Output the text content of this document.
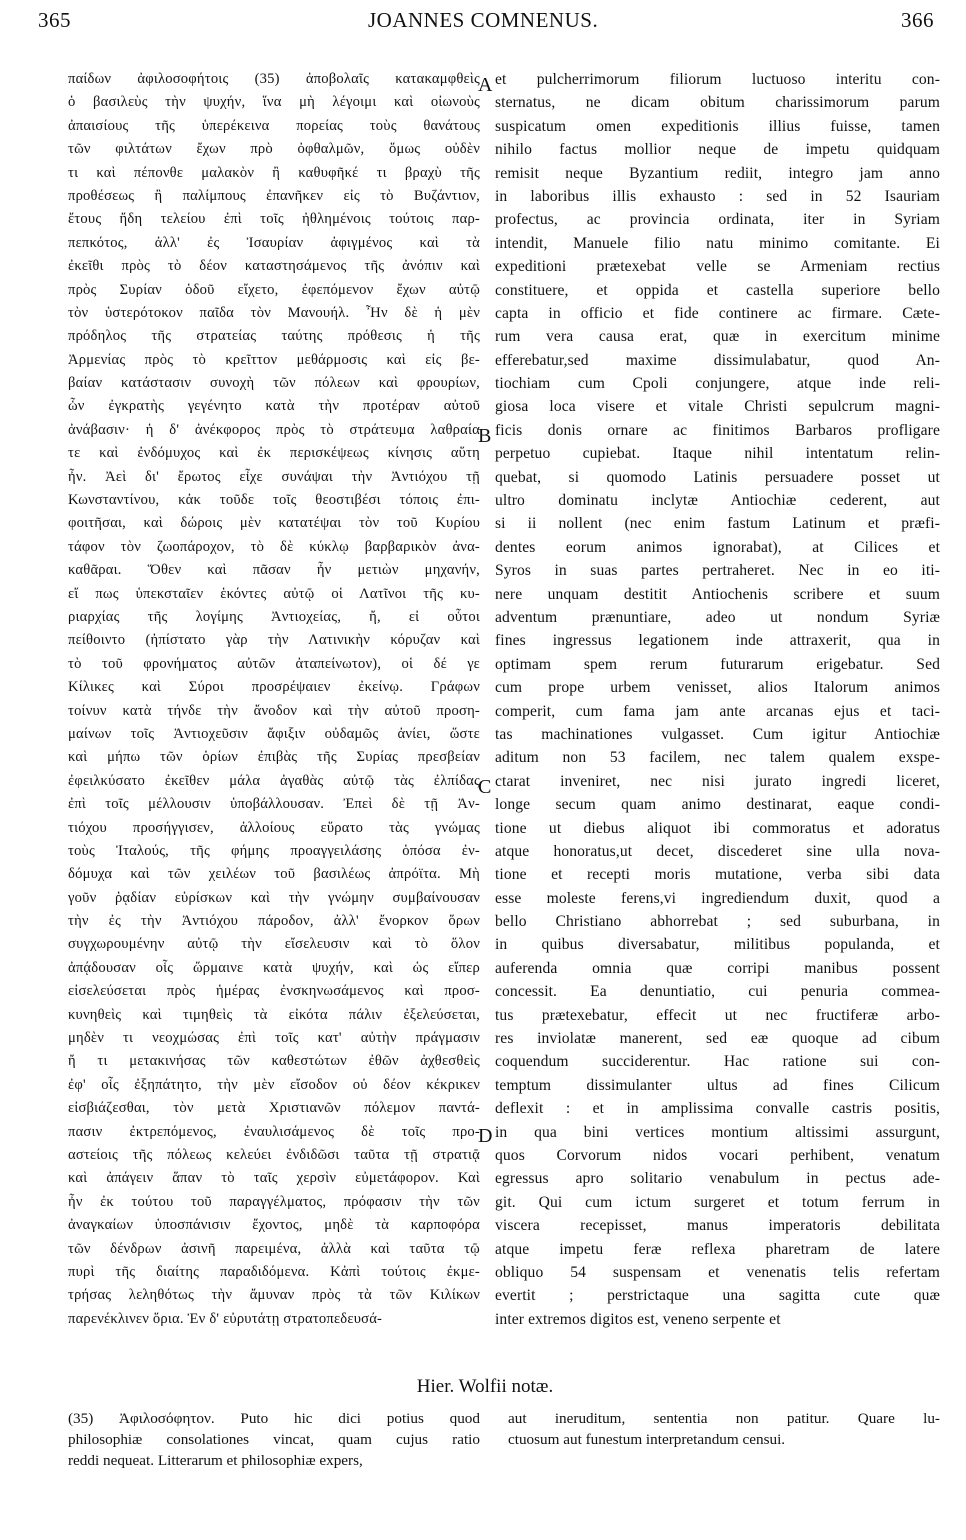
365	JOANNES COMNENUS.	366
παίδων ἀφιλοσοφήτοις (35) ἀποβολαῖς κατακαμφθεὶς
ὁ βασιλεὺς τὴν ψυχήν, ἵνα μὴ λέγοιμι καὶ οἰωνοὺς
ἀπαισίους τῆς ὑπερέκεινα πορείας τοὺς θανάτους
τῶν φιλτάτων ἔχων πρὸ ὀφθαλμῶν, ὅμως οὐδὲν
τι καὶ πέπονθε μαλακὸν ἢ καθυφῆκέ τι βραχὺ τῆς
προθέσεως ἢ παλίμπους ἐπανῆκεν εἰς τὸ Βυζάντιον,
ἔτους ἤδη τελείου ἐπὶ τοῖς ἠθλημένοις τούτοις παρ-
πεπκότος, ἀλλ' ἐς Ἰσαυρίαν ἀφιγμένος καὶ τὰ
ἐκεῖθι πρὸς τὸ δέον καταστησάμενος τῆς ἀνόπιν καὶ
πρὸς Συρίαν ὁδοῦ εἴχετο, ἐφεπόμενον ἔχων αὐτῷ
τὸν ὑστερότοκον παῖδα τὸν Μανουήλ. Ἦν δὲ ἡ μὲν
πρόδηλος τῆς στρατείας ταύτης πρόθεσις ἡ τῆς
Ἀρμενίας πρὸς τὸ κρεῖττον μεθάρμοσις καὶ εἰς βε-
βαίαν κατάστασιν συνοχὴ τῶν πόλεων καὶ φρουρίων,
ὧν ἐγκρατὴς γεγένητο κατὰ τὴν προτέραν αὐτοῦ
ἀνάβασιν· ἡ δ' ἀνέκφορος πρὸς τὸ στράτευμα λαθραία
τε καὶ ἐνδόμυχος καὶ ἐκ περισκέψεως κίνησις αὕτη
ἦν. Ἀεὶ δι' ἔρωτος εἶχε συνάψαι τὴν Ἀντιόχου τῇ
Κωνσταντίνου, κἀκ τοῦδε τοῖς θεοστιβέσι τόποις ἐπι-
φοιτῆσαι, καὶ δώροις μὲν κατατέψαι τὸν τοῦ Κυρίου
τάφον τὸν ζωοπάροχον, τὸ δὲ κύκλῳ βαρβαρικὸν ἀνα-
καθᾶραι. Ὅθεν καὶ πᾶσαν ἦν μετιὼν μηχανήν,
εἴ πως ὑπεκσταῖεν ἑκόντες αὐτῷ οἱ Λατῖνοι τῆς κυ-
ριαρχίας τῆς λογίμης Ἀντιοχείας, ἤ, εἰ οὗτοι
πείθοιντο (ἠπίστατο γὰρ τὴν Λατινικὴν κόρυζαν καὶ
τὸ τοῦ φρονήματος αὐτῶν ἀταπείνωτον), οἱ δέ γε
Κίλικες καὶ Σύροι προσρέψαιεν ἐκείνῳ. Γράφων
τοίνυν κατὰ τήνδε τὴν ἄνοδον καὶ τὴν αὐτοῦ προση-
μαίνων τοῖς Ἀντιοχεῦσιν ἄφιξιν οὐδαμῶς ἀνίει, ὥστε
καὶ μήπω τῶν ὁρίων ἐπιβὰς τῆς Συρίας πρεσβείαν
ἐφειλκύσατο ἐκεῖθεν μάλα ἀγαθὰς αὐτῷ τὰς ἐλπίδας
ἐπὶ τοῖς μέλλουσιν ὑποβάλλουσαν. Ἐπεὶ δὲ τῇ Ἀν-
τιόχου προσήγγισεν, ἀλλοίους εὕρατο τὰς γνώμας
τοὺς Ἰταλούς, τῆς φήμης προαγγειλάσης ὁπόσα ἐν-
δόμυχα καὶ τῶν χειλέων τοῦ βασιλέως ἀπρόϊτα. Μὴ
γοῦν ῥᾳδίαν εὑρίσκων καὶ τὴν γνώμην συμβαίνουσαν
τὴν ἐς τὴν Ἀντιόχου πάροδον, ἀλλ' ἔνορκον ὅρων
συγχωρουμένην αὐτῷ τὴν εἴσελευσιν καὶ τὸ ὅλον
ἀπᾴδουσαν οἷς ὥρμαινε κατὰ ψυχήν, καὶ ὡς εἴπερ
εἰσελεύσεται πρὸς ἡμέρας ἐνσκηνωσάμενος καὶ προσ-
κυνηθεὶς καὶ τιμηθεὶς τὰ εἰκότα πάλιν ἐξελεύσεται,
μηδὲν τι νεοχμώσας ἐπὶ τοῖς κατ' αὐτὴν πράγμασιν
ἤ τι μετακινήσας τῶν καθεστώτων ἐθῶν ἀχθεσθεὶς
ἐφ' οἷς ἐξηπάτητο, τὴν μὲν εἴσοδον οὐ δέον κέκρικεν
εἰσβιάζεσθαι, τὸν μετὰ Χριστιανῶν πόλεμον παντά-
πασιν ἐκτρεπόμενος, ἐναυλισάμενος δὲ τοῖς προ-
αστείοις τῆς πόλεως κελεύει ἐνδιδῶσι ταῦτα τῇ στρατιᾷ
καὶ ἀπάγειν ἅπαν τὸ ταῖς χερσὶν εὐμετάφορον. Καὶ
ἦν ἐκ τούτου τοῦ παραγγέλματος, πρόφασιν τὴν τῶν
ἀναγκαίων ὑποσπάνισιν ἔχοντος, μηδὲ τὰ καρποφόρα
τῶν δένδρων ἀσινῆ παρειμένα, ἀλλὰ καὶ ταῦτα τῷ
πυρὶ τῆς διαίτης παραδιδόμενα. Κἀπὶ τούτοις ἐκμε-
τρήσας λεληθότως τὴν ἄμυναν πρὸς τὰ τῶν Κιλίκων
παρενέκλινεν ὅρια. Ἐν δ' εὐρυτάτῃ στρατοπεδευσά-
A
B
C
D
et pulcherrimorum filiorum luctuoso interitu con-
sternatus, ne dicam obitum charissimorum parum
suspicatum omen expeditionis illius fuisse, tamen
nihilo factus mollior neque de impetu quidquam
remisit neque Byzantium rediit, integro jam anno
in laboribus illis exhausto : sed in 52 Isauriam
profectus, ac provincia ordinata, iter in Syriam
intendit, Manuele filio natu minimo comitante. Ei
expeditioni prætexebat velle se Armeniam rectius
constituere, et oppida et castella superiore bello
capta in officio et fide continere ac firmare. Cæte-
rum vera causa erat, quæ in exercitum minime
efferebatur,sed maxime dissimulabatur, quod An-
tiochiam cum Cpoli conjungere, atque inde reli-
giosa loca visere et vitale Christi sepulcrum magni-
ficis donis ornare ac finitimos Barbaros profligare
perpetuo cupiebat. Itaque nihil intentatum relin-
quebat, si quomodo Latinis persuadere posset ut
ultro dominatu inclytæ Antiochiæ cederent, aut
si ii nollent (nec enim fastum Latinum et præfi-
dentes eorum animos ignorabat), at Cilices et
Syros in suas partes pertraheret. Nec in eo iti-
nere unquam destitit Antiochenis scribere et suum
adventum prænuntiare, adeo ut nondum Syriæ
fines ingressus legationem inde attraxerit, qua in
optimam spem rerum futurarum erigebatur. Sed
cum prope urbem venisset, alios Italorum animos
comperit, cum fama jam ante arcanas ejus et taci-
tas machinationes vulgasset. Cum igitur Antiochiæ
aditum non 53 facilem, nec talem qualem exspe-
ctarat inveniret, nec nisi jurato ingredi liceret,
longe secum quam animo destinarat, eaque condi-
tione ut diebus aliquot ibi commoratus et adoratus
atque honoratus,ut decet, discederet sine ulla nova-
tione et recepti moris mutatione, verba sibi data
esse moleste ferens,vi ingrediendum duxit, quod a
bello Christiano abhorrebat ; sed suburbana, in
in quibus diversabatur, militibus populanda, et
auferenda omnia quæ corripi manibus possent
concessit. Ea denuntiatio, cui penuria commea-
tus prætexebatur, effecit ut nec fructiferæ arbo-
res inviolatæ manerent, sed eæ quoque ad cibum
coquendum succiderentur. Hac ratione sui con-
temptum dissimulanter ultus ad fines Cilicum
deflexit : et in amplissima convalle castris positis,
in qua bini vertices montium altissimi assurgunt,
quos Corvorum nidos vocari perhibent, venatum
egressus apro solitario venabulum in pectus ade-
git. Qui cum ictum surgeret et totum ferrum in
viscera recepisset, manus imperatoris debilitata
atque impetu feræ reflexa pharetram de latere
obliquo 54 suspensam et venenatis telis refertam
evertit ; perstrictaque una sagitta cute quæ
inter extremos digitos est, veneno serpente et
Hier. Wolfii notæ.
(35) Ἀφιλοσόφητον. Puto hic dici potius quod
philosophiæ consolationes vincat, quam cujus ratio
reddi nequeat. Litterarum et philosophiæ expers,
aut ineruditum, sententia non patitur. Quare lu-
ctuosum aut funestum interpretandum censui.
